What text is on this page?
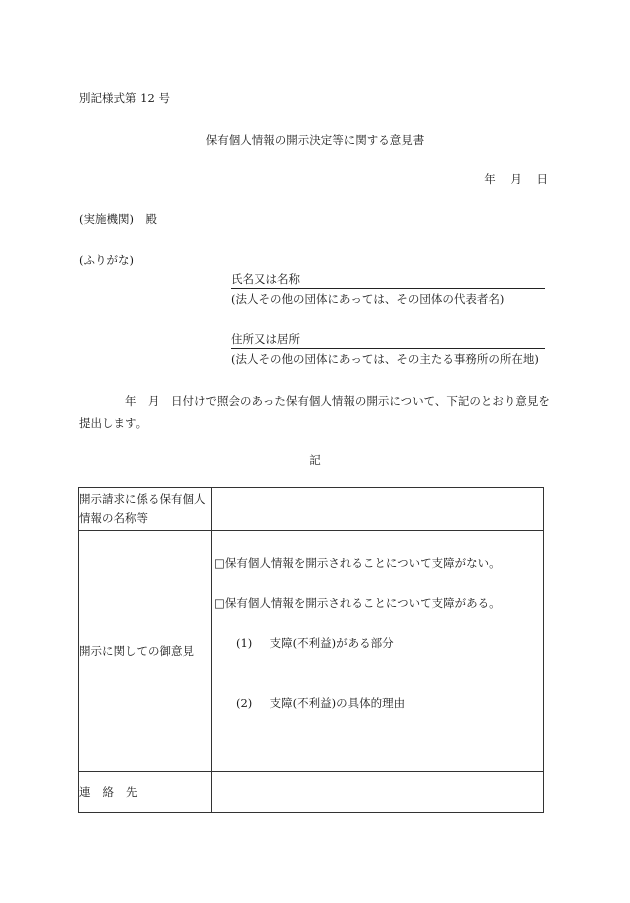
別記様式第 12 号
保有個人情報の開示決定等に関する意見書
年 月 日
(実施機関)　殿
(ふりがな)
氏名又は名称
(法人その他の団体にあっては、その団体の代表者名)
住所又は居所
(法人その他の団体にあっては、その主たる事務所の所在地)
年　月　日付けで照会のあった保有個人情報の開示について、下記のとおり意見を提出します。
記
開示請求に係る保有個人情報の名称等	
開示に関しての御意見	□保有個人情報を開示されることについて支障がない。
□保有個人情報を開示されることについて支障がある。
(1) 支障(不利益)がある部分
(2) 支障(不利益)の具体的理由

連絡先	
